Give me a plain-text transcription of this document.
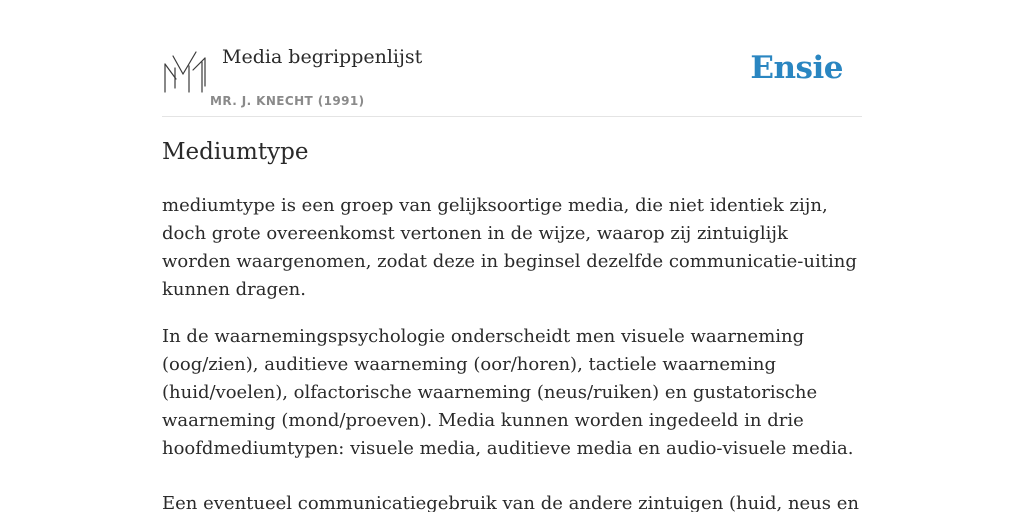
Media begrippenlijst
MR. J. KNECHT (1991)
Ensie
Mediumtype

mediumtype is een groep van gelijksoortige media, die niet identiek zijn, doch grote overeenkomst vertonen in de wijze, waarop zij zintuiglijk worden waargenomen, zodat deze in beginsel dezelfde communicatie-uiting kunnen dragen.

In de waarnemingspsychologie onderscheidt men visuele waarneming (oog/zien), auditieve waarneming (oor/horen), tactiele waarneming (huid/voelen), olfactorische waarneming (neus/ruiken) en gustatorische waarneming (mond/proeven). Media kunnen worden ingedeeld in drie hoofdmediumtypen: visuele media, auditieve media en audio-visuele media.

Een eventueel communicatiegebruik van de andere zintuigen (huid, neus en
